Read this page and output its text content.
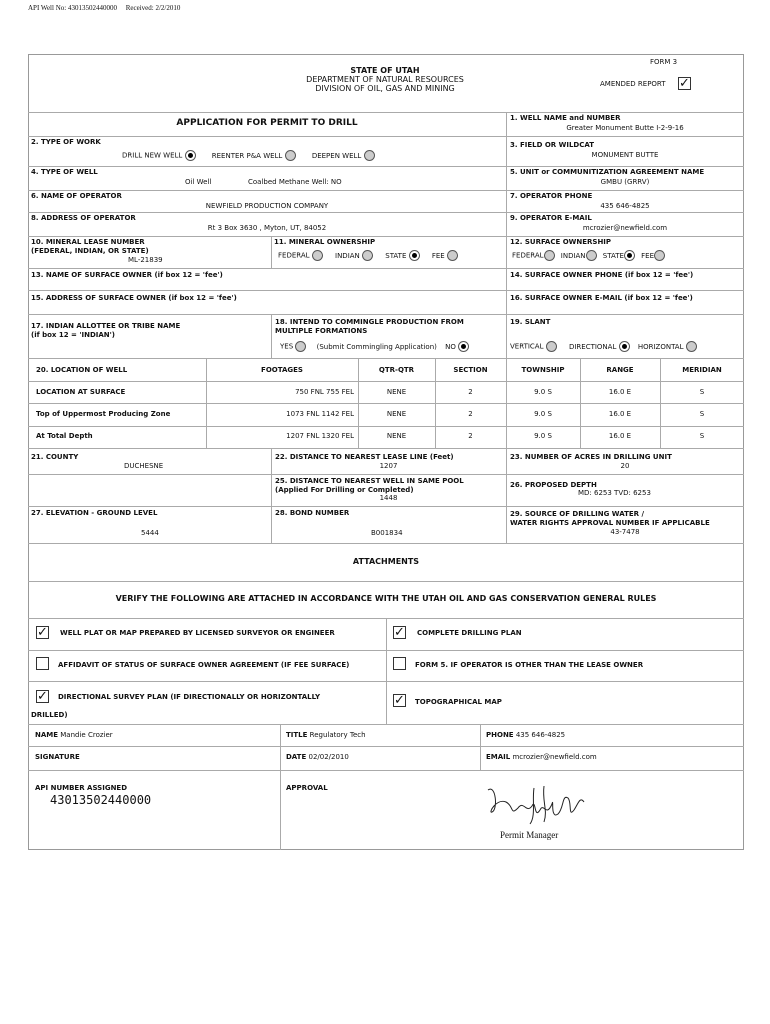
API Well No: 43013502440000 Received: 2/2/2010
STATE OF UTAH
DEPARTMENT OF NATURAL RESOURCES
DIVISION OF OIL, GAS AND MINING
FORM 3
AMENDED REPORT ✓
APPLICATION FOR PERMIT TO DRILL	1. WELL NAME and NUMBER
Greater Monument Butte I-2-9-16
2. TYPE OF WORK
DRILL NEW WELL	REENTER P&A WELL	DEEPEN WELL
3. FIELD OR WILDCAT
MONUMENT BUTTE
4. TYPE OF WELL
Oil Well	Coalbed Methane Well: NO
5. UNIT or COMMUNITIZATION AGREEMENT NAME
GMBU (GRRV)
6. NAME OF OPERATOR
NEWFIELD PRODUCTION COMPANY
7. OPERATOR PHONE
435 646-4825
8. ADDRESS OF OPERATOR
Rt 3 Box 3630 , Myton, UT, 84052
9. OPERATOR E-MAIL
mcrozier@newfield.com
10. MINERAL LEASE NUMBER
(FEDERAL, INDIAN, OR STATE)
ML-21839
11. MINERAL OWNERSHIP
FEDERAL	INDIAN	STATE	FEE
12. SURFACE OWNERSHIP
FEDERAL INDIAN STATE FEE
13. NAME OF SURFACE OWNER (if box 12 = 'fee')	14. SURFACE OWNER PHONE (if box 12 = 'fee')
15. ADDRESS OF SURFACE OWNER (if box 12 = 'fee')	16. SURFACE OWNER E-MAIL (if box 12 = 'fee')
17. INDIAN ALLOTTEE OR TRIBE NAME
(if box 12 = 'INDIAN')
18. INTEND TO COMMINGLE PRODUCTION FROM
MULTIPLE FORMATIONS
YES	(Submit Commingling Application) NO
19. SLANT
VERTICAL	DIRECTIONAL	HORIZONTAL
20. LOCATION OF WELL	FOOTAGES	QTR-QTR	SECTION	TOWNSHIP	RANGE	MERIDIAN
LOCATION AT SURFACE	750 FNL 755 FEL	NENE	2	9.0 S	16.0 E	S
Top of Uppermost Producing Zone	1073 FNL 1142 FEL	NENE	2	9.0 S	16.0 E	S
At Total Depth	1207 FNL 1320 FEL	NENE	2	9.0 S	16.0 E	S
21. COUNTY
DUCHESNE
22. DISTANCE TO NEAREST LEASE LINE (Feet)
1207
23. NUMBER OF ACRES IN DRILLING UNIT
20
25. DISTANCE TO NEAREST WELL IN SAME POOL
(Applied For Drilling or Completed)
1448
26. PROPOSED DEPTH
MD: 6253 TVD: 6253
27. ELEVATION - GROUND LEVEL
5444
28. BOND NUMBER
B001834
29. SOURCE OF DRILLING WATER /
WATER RIGHTS APPROVAL NUMBER IF APPLICABLE
43-7478
ATTACHMENTS
VERIFY THE FOLLOWING ARE ATTACHED IN ACCORDANCE WITH THE UTAH OIL AND GAS CONSERVATION GENERAL RULES
✓ WELL PLAT OR MAP PREPARED BY LICENSED SURVEYOR OR ENGINEER	✓ COMPLETE DRILLING PLAN
AFFIDAVIT OF STATUS OF SURFACE OWNER AGREEMENT (IF FEE SURFACE)	FORM 5. IF OPERATOR IS OTHER THAN THE LEASE OWNER
✓ DIRECTIONAL SURVEY PLAN (IF DIRECTIONALLY OR HORIZONTALLY
DRILLED)
✓ TOPOGRAPHICAL MAP
NAME Mandie Crozier	TITLE Regulatory Tech	PHONE 435 646-4825
SIGNATURE	DATE 02/02/2010	EMAIL mcrozier@newfield.com
API NUMBER ASSIGNED
43013502440000
APPROVAL
Permit Manager
